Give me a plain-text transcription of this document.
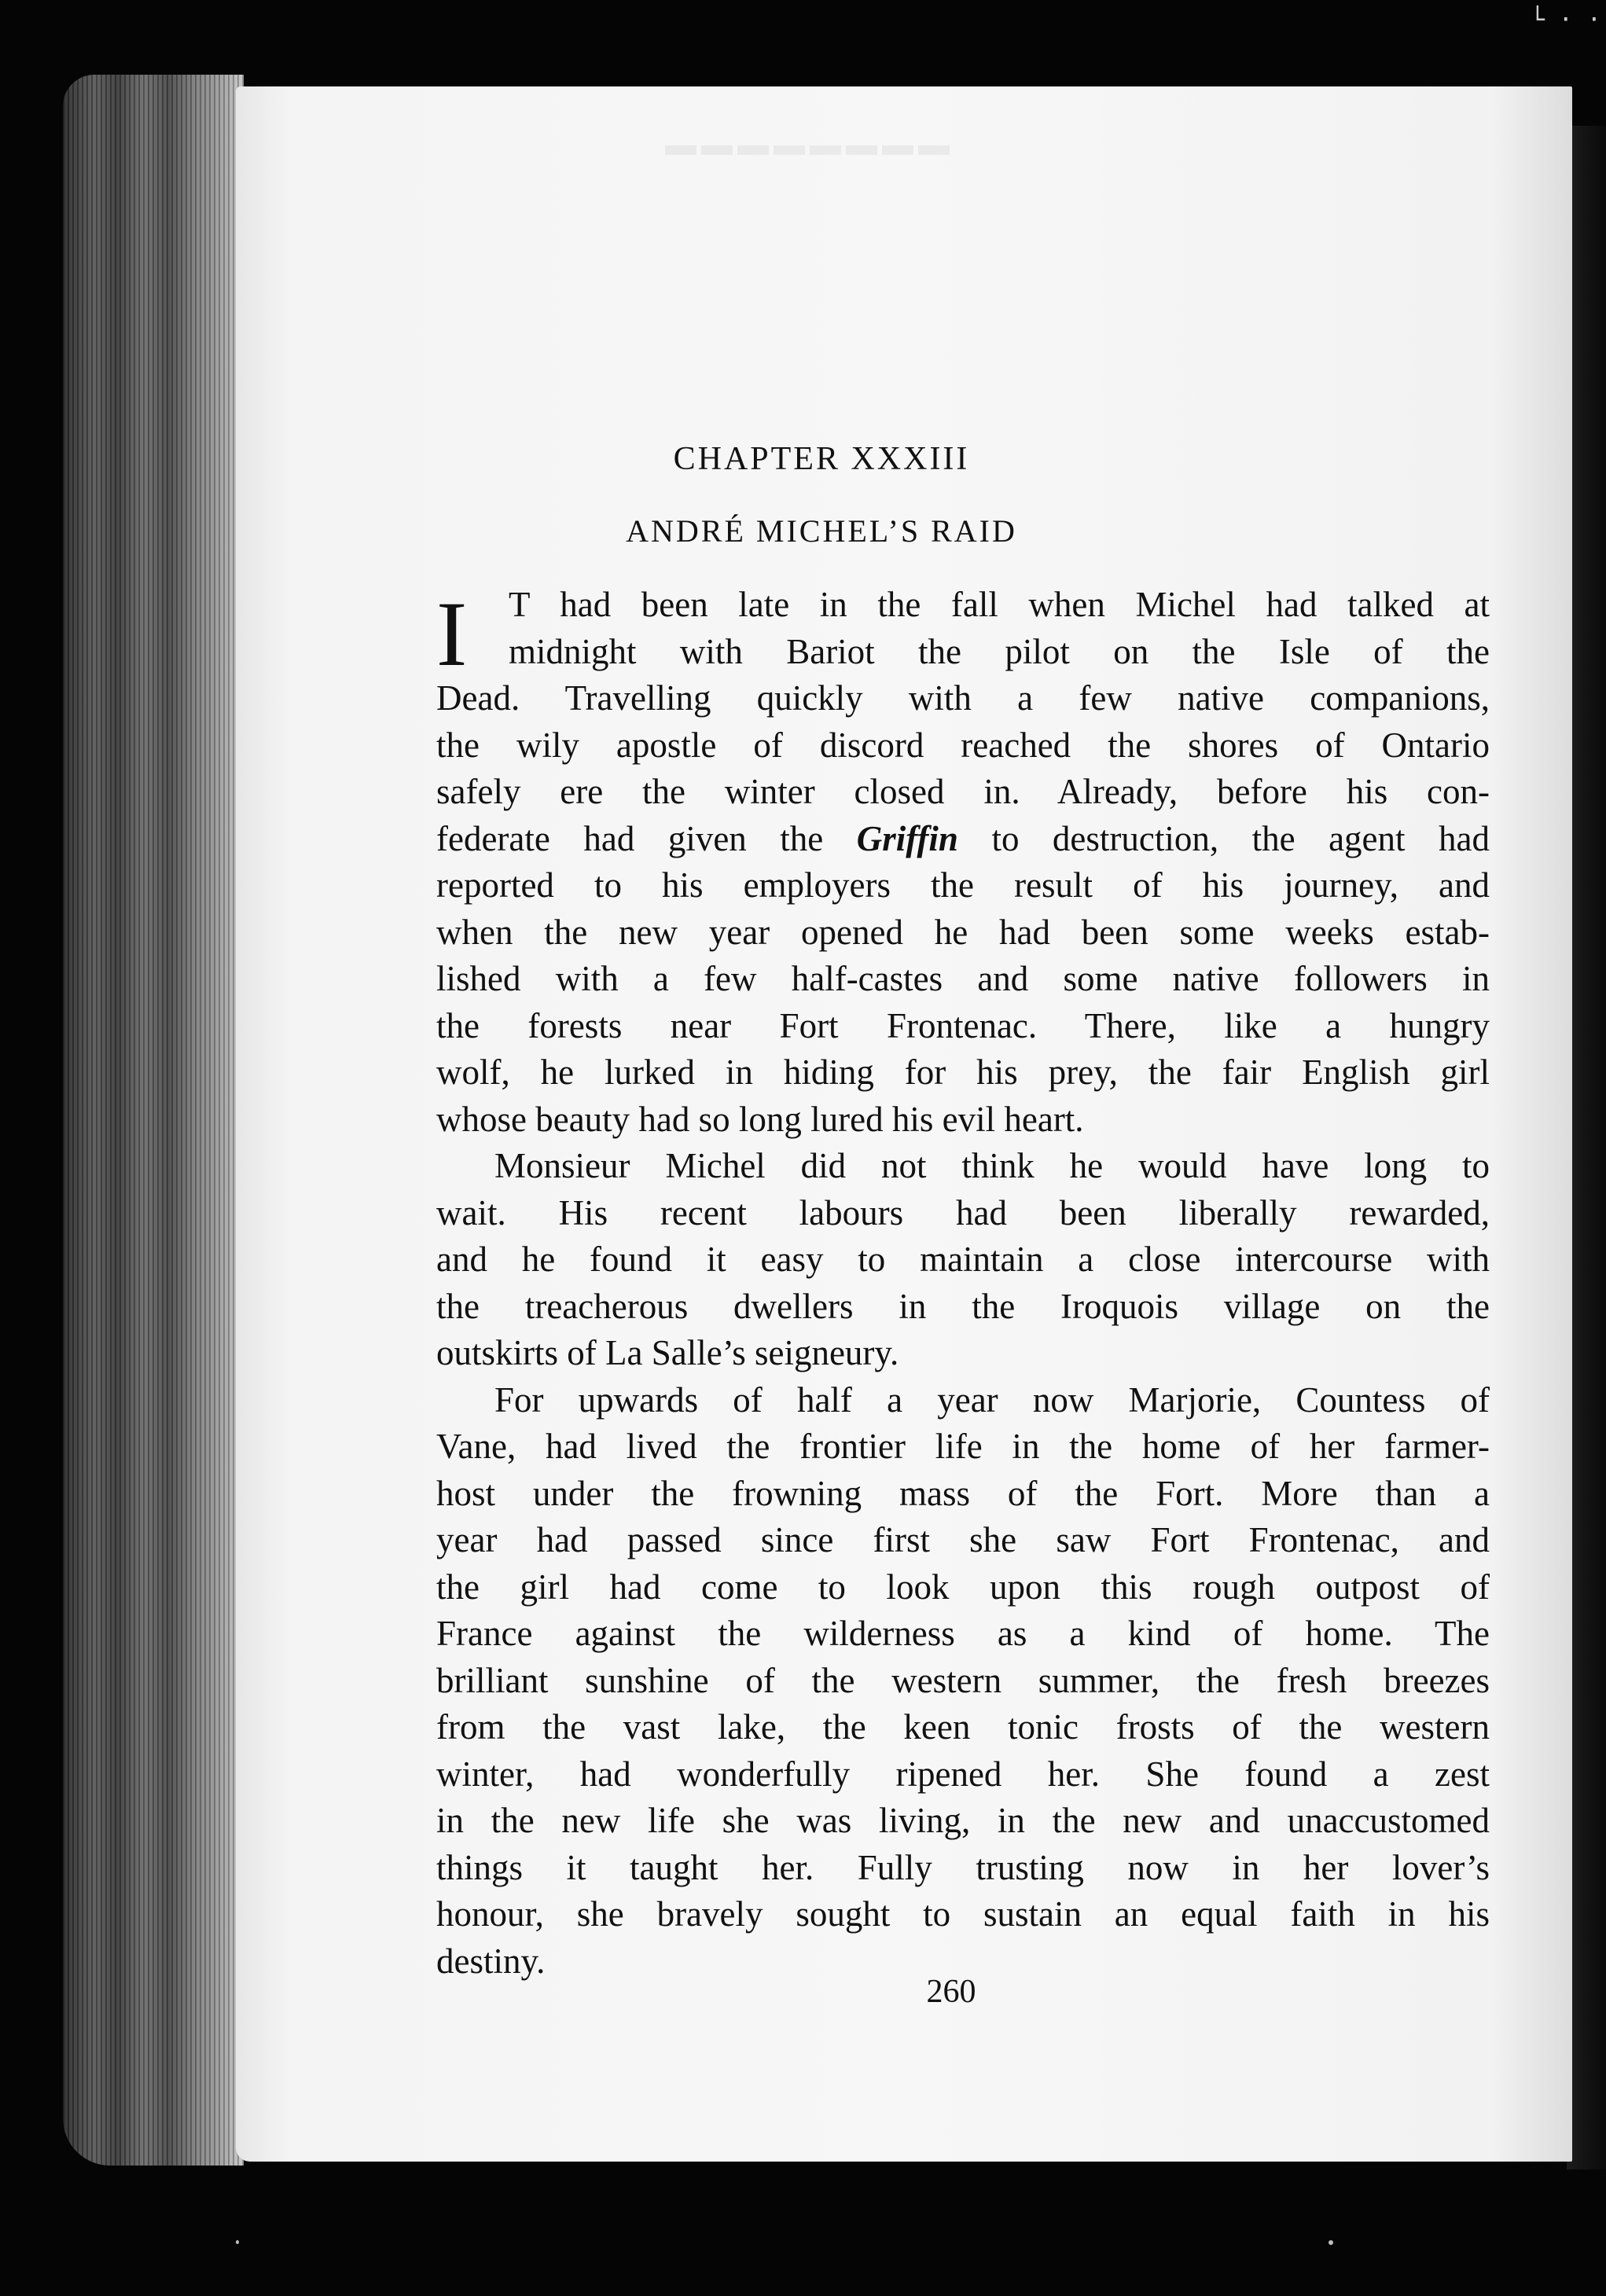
└ · ·
▬▬▬▬▬▬▬▬
CHAPTER XXXIII
ANDRÉ MICHEL’S RAID
I	T had been late in the fall when Michel had talked at
midnight with Bariot the pilot on the Isle of the
Dead. Travelling quickly with a few native companions,
the wily apostle of discord reached the shores of Ontario
safely ere the winter closed in. Already, before his con-
federate had given the Griffin to destruction, the agent had
reported to his employers the result of his journey, and
when the new year opened he had been some weeks estab-
lished with a few half-castes and some native followers in
the forests near Fort Frontenac. There, like a hungry
wolf, he lurked in hiding for his prey, the fair English girl
whose beauty had so long lured his evil heart.
Monsieur Michel did not think he would have long to
wait. His recent labours had been liberally rewarded,
and he found it easy to maintain a close intercourse with
the treacherous dwellers in the Iroquois village on the
outskirts of La Salle’s seigneury.
For upwards of half a year now Marjorie, Countess of
Vane, had lived the frontier life in the home of her farmer-
host under the frowning mass of the Fort. More than a
year had passed since first she saw Fort Frontenac, and
the girl had come to look upon this rough outpost of
France against the wilderness as a kind of home. The
brilliant sunshine of the western summer, the fresh breezes
from the vast lake, the keen tonic frosts of the western
winter, had wonderfully ripened her. She found a zest
in the new life she was living, in the new and unaccustomed
things it taught her. Fully trusting now in her lover’s
honour, she bravely sought to sustain an equal faith in his
destiny.
260
